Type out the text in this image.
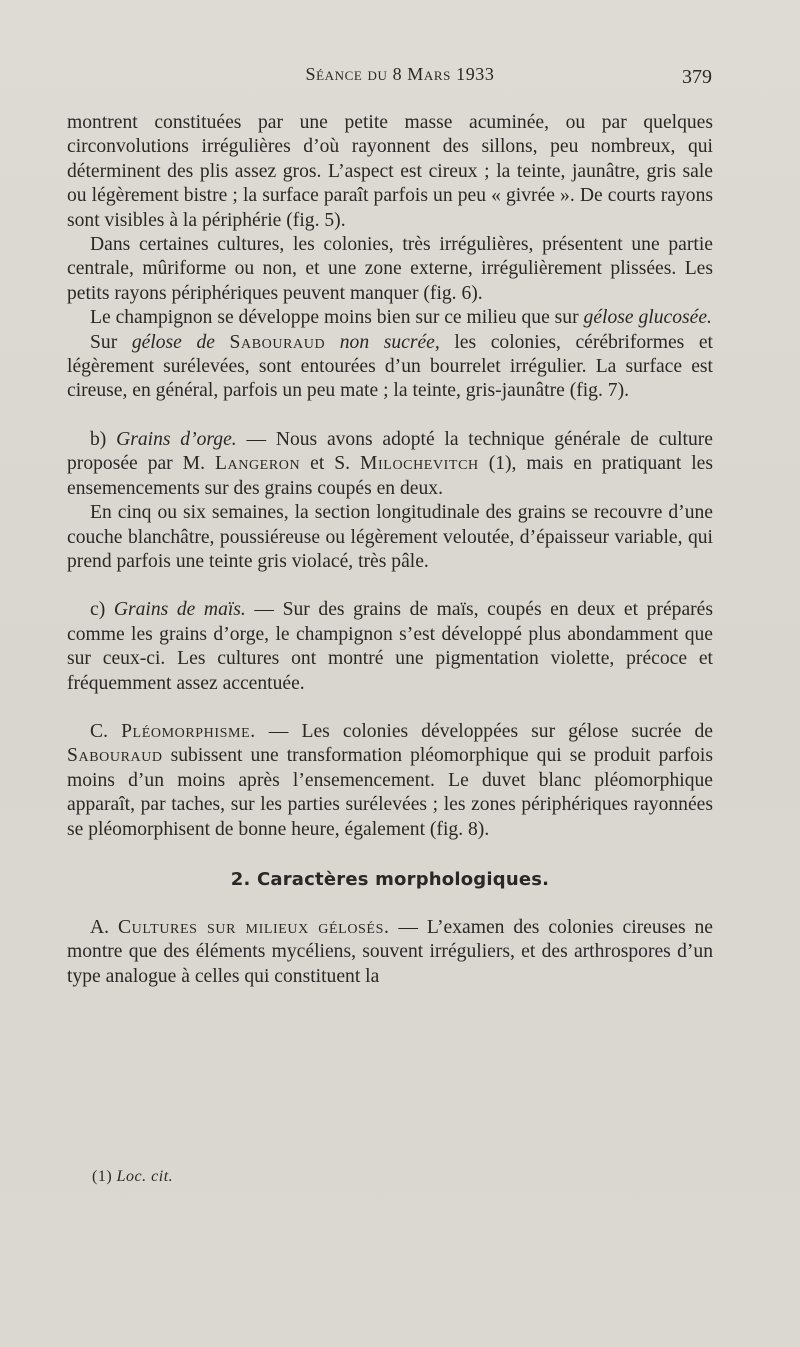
Séance du 8 Mars 1933	379

montrent constituées par une petite masse acuminée, ou par quelques circonvolutions irrégulières d’où rayonnent des sillons, peu nombreux, qui déterminent des plis assez gros. L’aspect est cireux ; la teinte, jaunâtre, gris sale ou légèrement bistre ; la surface paraît parfois un peu « givrée ». De courts rayons sont visibles à la périphérie (fig. 5).

Dans certaines cultures, les colonies, très irrégulières, présentent une partie centrale, mûriforme ou non, et une zone externe, irrégulièrement plissées. Les petits rayons périphériques peuvent manquer (fig. 6).

Le champignon se développe moins bien sur ce milieu que sur gélose glucosée.

Sur gélose de Sabouraud non sucrée, les colonies, cérébriformes et légèrement surélevées, sont entourées d’un bourrelet irrégulier. La surface est cireuse, en général, parfois un peu mate ; la teinte, gris-jaunâtre (fig. 7).

b) Grains d’orge. — Nous avons adopté la technique générale de culture proposée par M. Langeron et S. Milochevitch (1), mais en pratiquant les ensemencements sur des grains coupés en deux.

En cinq ou six semaines, la section longitudinale des grains se recouvre d’une couche blanchâtre, poussiéreuse ou légèrement veloutée, d’épaisseur variable, qui prend parfois une teinte gris violacé, très pâle.

c) Grains de maïs. — Sur des grains de maïs, coupés en deux et préparés comme les grains d’orge, le champignon s’est développé plus abondamment que sur ceux-ci. Les cultures ont montré une pigmentation violette, précoce et fréquemment assez accentuée.

C. Pléomorphisme. — Les colonies développées sur gélose sucrée de Sabouraud subissent une transformation pléomorphique qui se produit parfois moins d’un moins après l’ensemencement. Le duvet blanc pléomorphique apparaît, par taches, sur les parties surélevées ; les zones périphériques rayonnées se pléomorphisent de bonne heure, également (fig. 8).

2. Caractères morphologiques.

A. Cultures sur milieux gélosés. — L’examen des colonies cireuses ne montre que des éléments mycéliens, souvent irréguliers, et des arthrospores d’un type analogue à celles qui constituent la

(1) Loc. cit.
